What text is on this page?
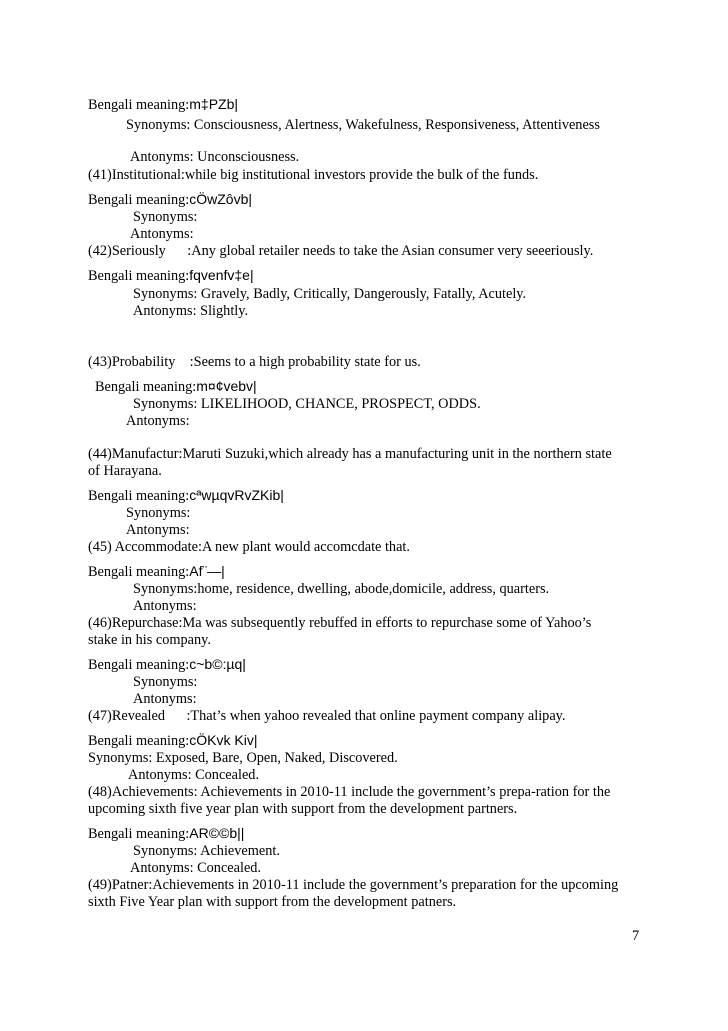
Bengali meaning:m‡PZb|
Synonyms: Consciousness, Alertness, Wakefulness, Responsiveness, Attentiveness
Antonyms: Unconsciousness.
(41)Institutional:while big institutional investors provide the bulk of the funds.
Bengali meaning:cÖwZôvb|
Synonyms:
Antonyms:
(42)Seriously      :Any global retailer needs to take the Asian consumer very seeeriously.
Bengali meaning:fqvenfv‡e|
Synonyms: Gravely, Badly, Critically, Dangerously, Fatally, Acutely.
Antonyms: Slightly.
(43)Probability    :Seems to a high probability state for us.
Bengali meaning:m¤¢vebv|
Synonyms: LIKELIHOOD, CHANCE, PROSPECT, ODDS.
Antonyms:
(44)Manufactur:Maruti Suzuki,which already has a manufacturing unit in the northern state
of Harayana.
Bengali meaning:cªwµqvRvZKib|
Synonyms:
Antonyms:
(45) Accommodate:A new plant would accomcdate that.
Bengali meaning:Af¨—|
Synonyms:home, residence, dwelling, abode,domicile, address, quarters.
Antonyms:
(46)Repurchase:Ma was subsequently rebuffed in efforts to repurchase some of Yahoo’s
stake in his company.
Bengali meaning:c~b©:µq|
Synonyms:
Antonyms:
(47)Revealed      :That’s when yahoo revealed that online payment company alipay.
Bengali meaning:cÖKvk Kiv|
Synonyms: Exposed, Bare, Open, Naked, Discovered.
Antonyms: Concealed.
(48)Achievements: Achievements in 2010-11 include the government’s prepa-ration for the
upcoming sixth five year plan with support from the development partners.
Bengali meaning:AR©©b||
Synonyms: Achievement.
Antonyms: Concealed.
(49)Patner:Achievements in 2010-11 include the government’s preparation for the upcoming
sixth Five Year plan with support from the development patners.
7
